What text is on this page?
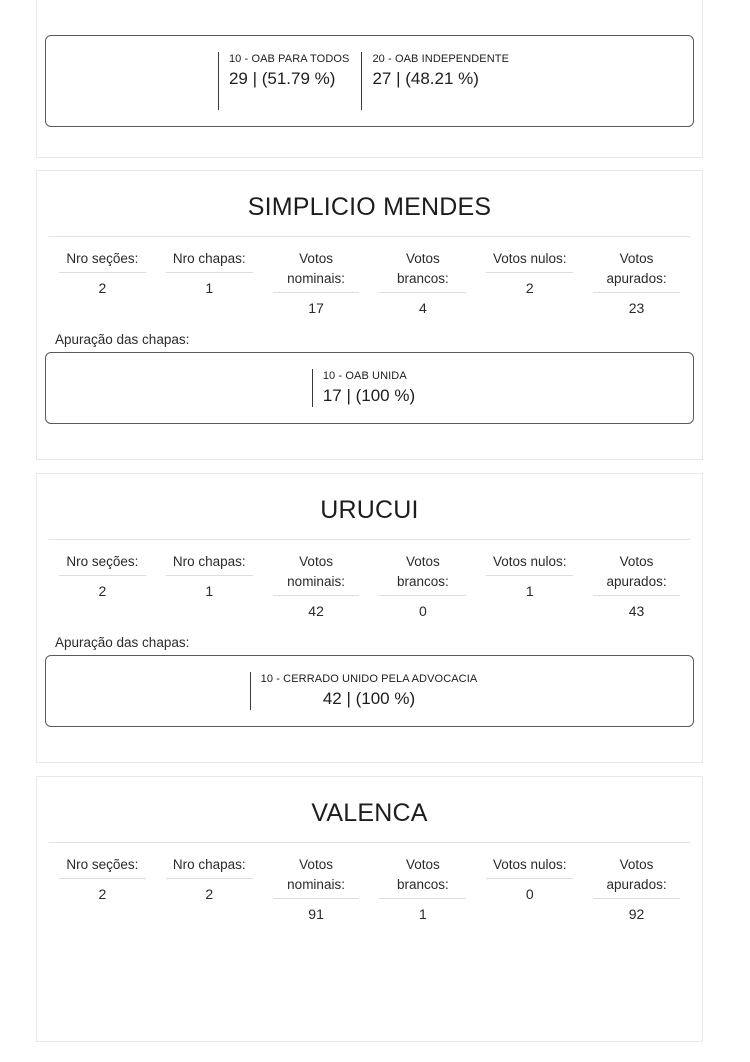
10 - OAB PARA TODOS
29 | (51.79 %)
20 - OAB INDEPENDENTE
27 | (48.21 %)
SIMPLICIO MENDES
Nro seções:
2
Nro chapas:
1
Votos nominais:
17
Votos brancos:
4
Votos nulos:
2
Votos apurados:
23
Apuração das chapas:
10 - OAB UNIDA
17 | (100 %)
URUCUI
Nro seções:
2
Nro chapas:
1
Votos nominais:
42
Votos brancos:
0
Votos nulos:
1
Votos apurados:
43
Apuração das chapas:
10 - CERRADO UNIDO PELA ADVOCACIA
42 | (100 %)
VALENCA
Nro seções:
2
Nro chapas:
2
Votos nominais:
91
Votos brancos:
1
Votos nulos:
0
Votos apurados:
92
